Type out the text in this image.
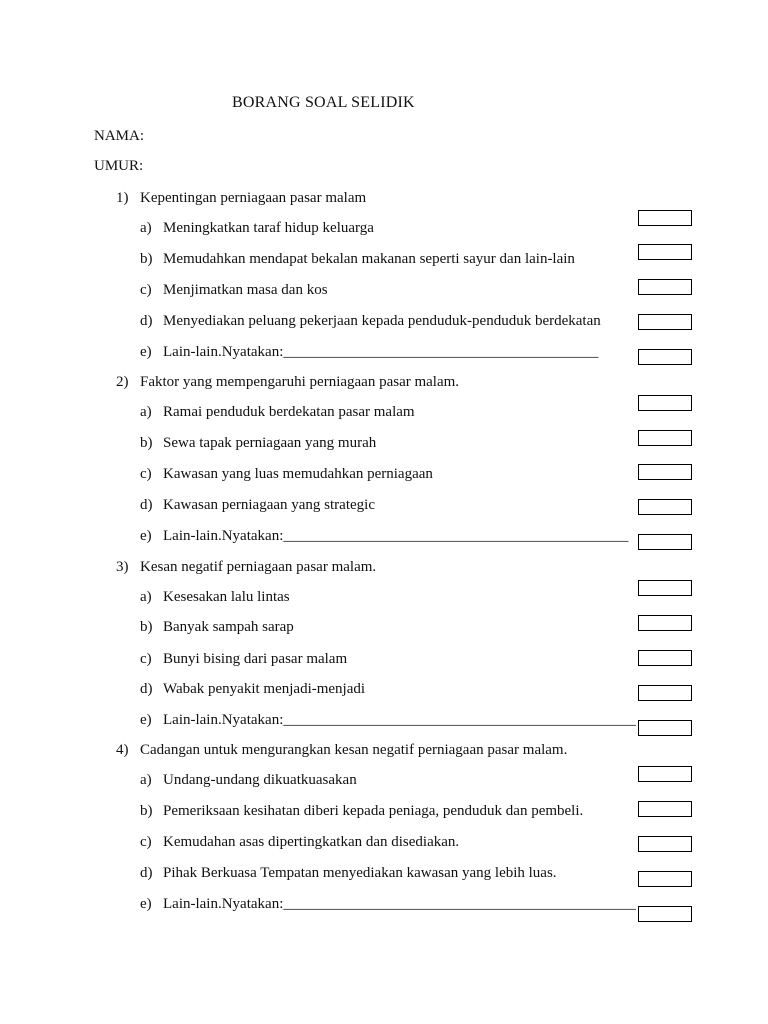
BORANG SOAL SELIDIK
NAMA:
UMUR:
1) Kepentingan perniagaan pasar malam
a) Meningkatkan taraf hidup keluarga
b) Memudahkan mendapat bekalan makanan seperti sayur dan lain-lain
c) Menjimatkan masa dan kos
d) Menyediakan peluang pekerjaan kepada penduduk-penduduk berdekatan
e) Lain-lain.Nyatakan:__________________________________________
2) Faktor yang mempengaruhi perniagaan pasar malam.
a) Ramai penduduk berdekatan pasar malam
b) Sewa tapak perniagaan yang murah
c) Kawasan yang luas memudahkan perniagaan
d) Kawasan perniagaan yang strategic
e) Lain-lain.Nyatakan:______________________________________________
3) Kesan negatif perniagaan pasar malam.
a) Kesesakan lalu lintas
b) Banyak sampah sarap
c) Bunyi bising dari pasar malam
d) Wabak penyakit menjadi-menjadi
e) Lain-lain.Nyatakan:_______________________________________________
4) Cadangan untuk mengurangkan kesan negatif perniagaan pasar malam.
a) Undang-undang dikuatkuasakan
b) Pemeriksaan kesihatan diberi kepada peniaga, penduduk dan pembeli.
c) Kemudahan asas dipertingkatkan dan disediakan.
d) Pihak Berkuasa Tempatan menyediakan kawasan yang lebih luas.
e) Lain-lain.Nyatakan:_______________________________________________
